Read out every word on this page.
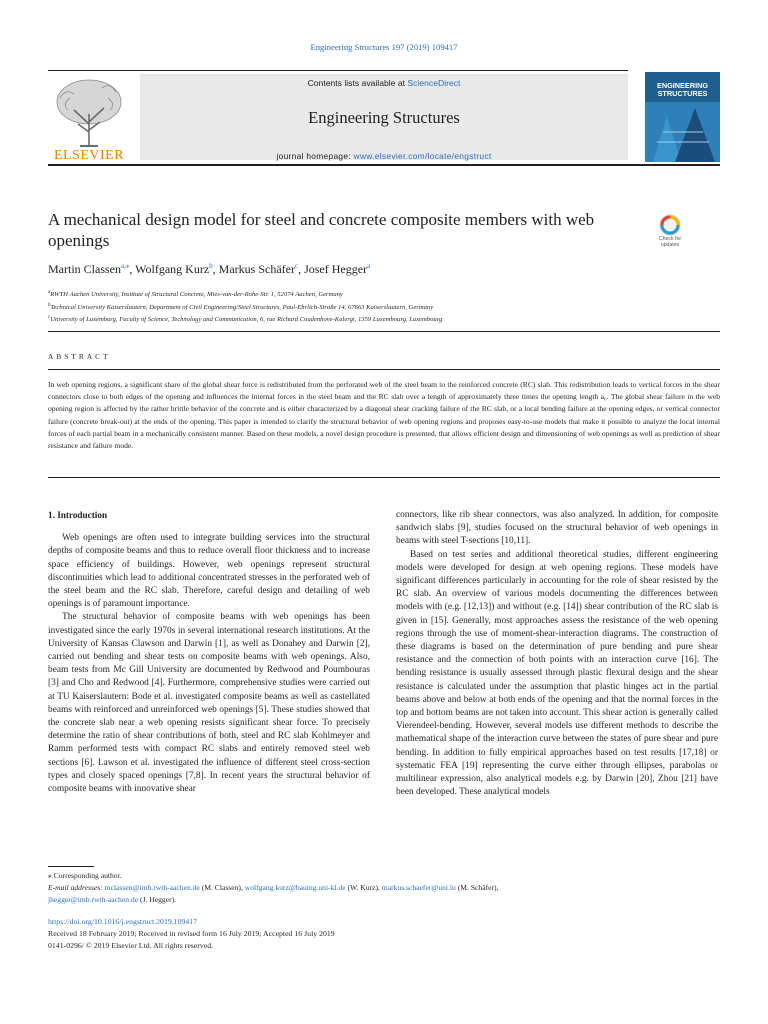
Engineering Structures 197 (2019) 109417
Contents lists available at ScienceDirect
Engineering Structures
journal homepage: www.elsevier.com/locate/engstruct
ELSEVIER
ENGINEERING
STRUCTURES
A mechanical design model for steel and concrete composite members with web openings	Check for
updates
Martin Classen$^{a,⁎}$, Wolfgang Kurz$^b$, Markus Schäfer$^c$, Josef Hegger$^a$
$^a$RWTH Aachen University, Institute of Structural Concrete, Mies-van-der-Rohe-Str. 1, 52074 Aachen, Germany
$^b$Technical University Kaiserslautern, Department of Civil Engineering/Steel Structures, Paul-Ehrlich-Straße 14, 67663 Kaiserslautern, Germany
$^c$University of Luxemburg, Faculty of Science, Technology and Communication, 6, rue Richard Coudenhove-Kalergi, 1359 Luxembourg, Luxembourg
ABSTRACT
In web opening regions, a significant share of the global shear force is redistributed from the perforated web of the steel beam to the reinforced concrete (RC) slab. This redistribution leads to vertical forces in the shear connectors close to both edges of the opening and influences the internal forces in the steel beam and the RC slab over a length of approximately three times the opening length a₀. The global shear failure in the web opening region is affected by the rather brittle behavior of the concrete and is either characterized by a diagonal shear cracking failure of the RC slab, or a local bending failure at the opening edges, or vertical connector failure (concrete break-out) at the ends of the opening. This paper is intended to clarify the structural behavior of web opening regions and proposes easy-to-use models that make it possible to analyze the local internal forces of each partial beam in a mechanically consistent manner. Based on these models, a novel design procedure is presented, that allows efficient design and dimensioning of web openings as well as prediction of shear resistance and failure mode.

1. Introduction

Web openings are often used to integrate building services into the structural depths of composite beams and thus to reduce overall floor thickness and to increase space efficiency of buildings. However, web openings represent structural discontinuities which lead to additional concentrated stresses in the perforated web of the steel beam and the RC slab. Therefore, careful design and detailing of web openings is of paramount importance.

The structural behavior of composite beams with web openings has been investigated since the early 1970s in several international research institutions. At the University of Kansas Clawson and Darwin [1], as well as Donahey and Darwin [2], carried out bending and shear tests on composite beams with web openings. Also, beam tests from Mc Gill University are documented by Redwood and Poumbouras [3] and Cho and Redwood [4]. Furthermore, comprehensive studies were carried out at TU Kaiserslautern: Bode et al. investigated composite beams as well as castellated beams with reinforced and unreinforced web openings [5]. These studies showed that the concrete slab near a web opening resists significant shear force. To precisely determine the ratio of shear contributions of both, steel and RC slab Kohlmeyer and Ramm performed tests with compact RC slabs and entirely removed steel web sections [6]. Lawson et al. investigated the influence of different steel cross-section types and closely spaced openings [7,8]. In recent years the structural behavior of composite beams with innovative shear

connectors, like rib shear connectors, was also analyzed. In addition, for composite sandwich slabs [9], studies focused on the structural behavior of web openings in beams with steel T-sections [10,11].

Based on test series and additional theoretical studies, different engineering models were developed for design at web opening regions. These models have significant differences particularly in accounting for the role of shear resisted by the RC slab. An overview of various models documenting the differences between models with (e.g. [12,13]) and without (e.g. [14]) shear contribution of the RC slab is given in [15]. Generally, most approaches assess the resistance of the web opening regions through the use of moment-shear-interaction diagrams. The construction of these diagrams is based on the determination of pure bending and pure shear resistance and the connection of both points with an interaction curve [16]. The bending resistance is usually assessed through plastic flexural design and the shear resistance is calculated under the assumption that plastic hinges act in the partial beams above and below at both ends of the opening and that the normal forces in the top and bottom beams are not taken into account. This shear action is generally called Vierendeel-bending. However, several models use different methods to describe the mathematical shape of the interaction curve between the states of pure shear and pure bending. In addition to fully empirical approaches based on test results [17,18] or systematic FEA [19] representing the curve either through ellipses, parabolas or multilinear expression, also analytical models e.g. by Darwin [20], Zhou [21] have been developed. These analytical models

⁎ Corresponding author.
E-mail addresses: mclassen@imb.rwth-aachen.de (M. Classen), wolfgang.kurz@bauing.uni-kl.de (W. Kurz), markus.schaefer@uni.lu (M. Schäfer),
jhegger@imb.rwth-aachen.de (J. Hegger).
https://doi.org/10.1016/j.engstruct.2019.109417
Received 18 February 2019; Received in revised form 16 July 2019; Accepted 16 July 2019
0141-0296/ © 2019 Elsevier Ltd. All rights reserved.
